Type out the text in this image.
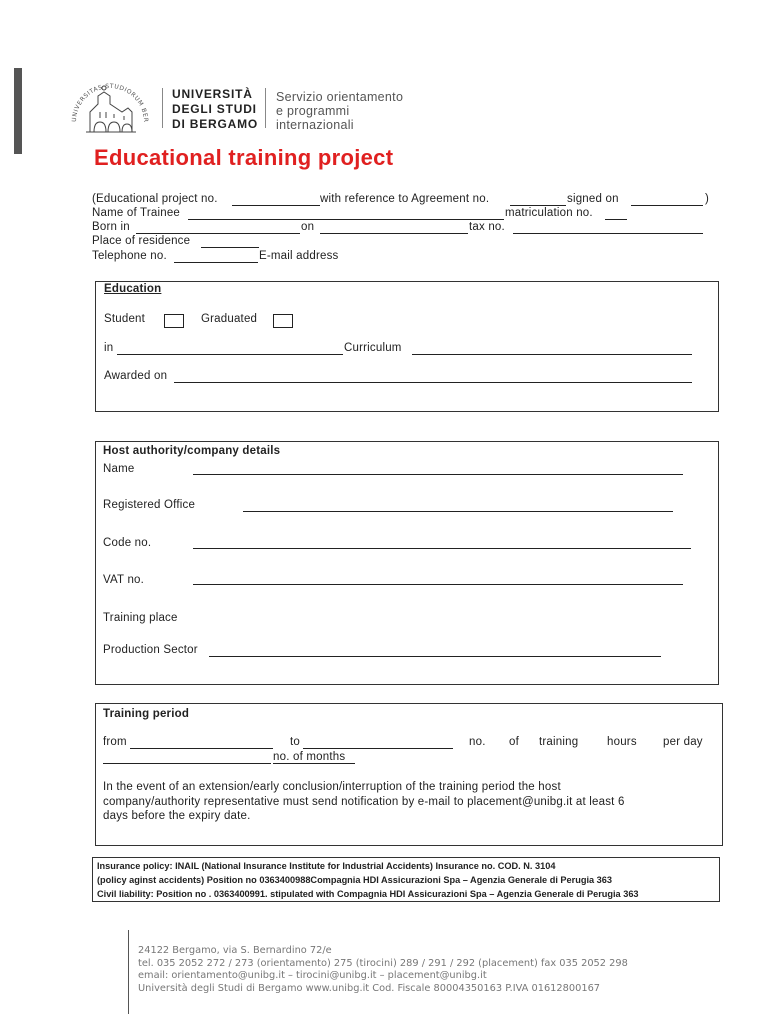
UNIVERSITAS STUDIORUM BER
UNIVERSITÀ
DEGLI STUDI
DI BERGAMO
Servizio orientamento
e programmi
internazionali
Educational training project
(Educational project no.	with reference to Agreement no.	signed on	)
Name of Trainee	matriculation no.
Born in	on	tax no.
Place of residence
Telephone no.	E-mail address
Education
Student	Graduated
in	Curriculum
Awarded on
Host authority/company details
Name
Registered Office
Code no.
VAT no.
Training place
Production Sector
Training period
from	to	no. of training hours per day
no. of months
In the event of an extension/early conclusion/interruption of the training period the host
company/authority representative must send notification by e-mail to placement@unibg.it at least 6
days before the expiry date.
Insurance policy: INAIL (National Insurance Institute for Industrial Accidents) Insurance no. COD. N. 3104
(policy aginst accidents) Position no 0363400988Compagnia HDI Assicurazioni Spa – Agenzia Generale di Perugia 363
Civil liability: Position no . 0363400991. stipulated with Compagnia HDI Assicurazioni Spa – Agenzia Generale di Perugia 363
24122 Bergamo, via S. Bernardino 72/e
tel. 035 2052 272 / 273 (orientamento) 275 (tirocini) 289 / 291 / 292 (placement) fax 035 2052 298
email: orientamento@unibg.it – tirocini@unibg.it – placement@unibg.it
Università degli Studi di Bergamo www.unibg.it Cod. Fiscale 80004350163 P.IVA 01612800167
